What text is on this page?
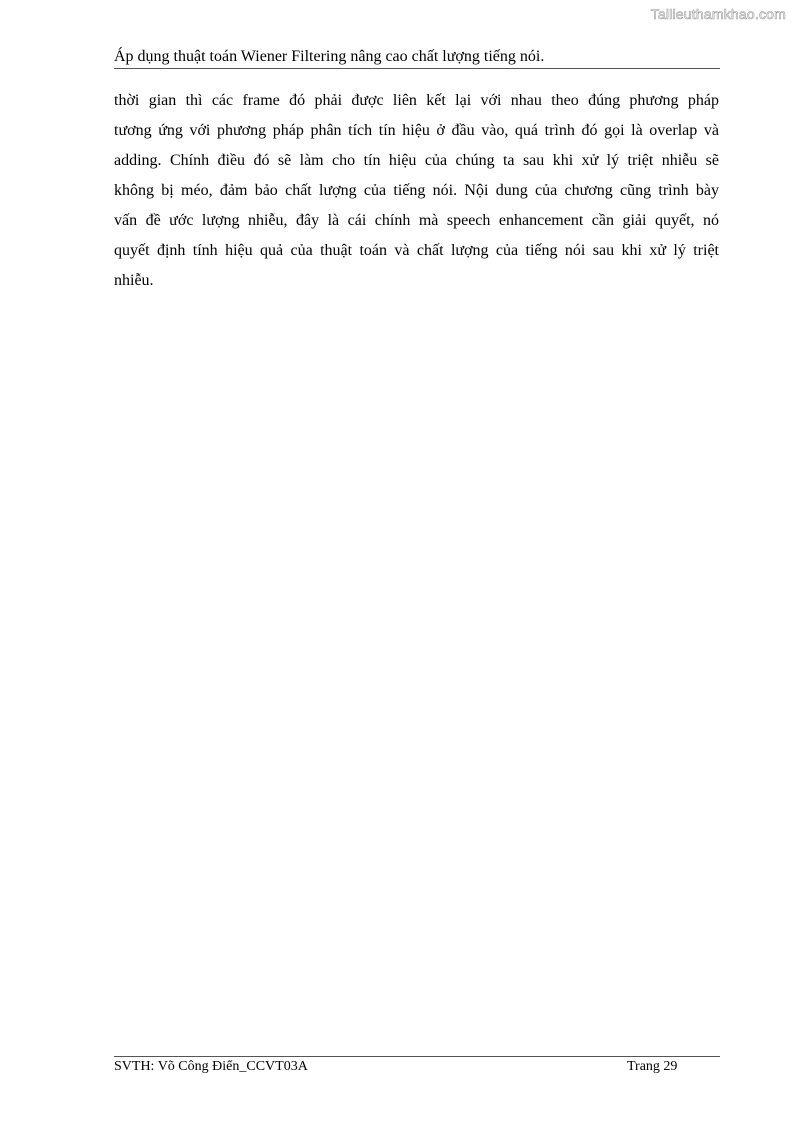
Tailieuthamkhao.com
Áp dụng thuật toán Wiener Filtering nâng cao chất lượng tiếng nói.
thời gian thì các frame đó phải được liên kết lại với nhau theo đúng phương pháp
tương ứng với phương pháp phân tích tín hiệu ở đầu vào, quá trình đó gọi là overlap và
adding. Chính điều đó sẽ làm cho tín hiệu của chúng ta sau khi xử lý triệt nhiễu sẽ
không bị méo, đảm bảo chất lượng của tiếng nói. Nội dung của chương cũng trình bày
vấn đề ước lượng nhiễu, đây là cái chính mà speech enhancement cần giải quyết, nó
quyết định tính hiệu quả của thuật toán và chất lượng của tiếng nói sau khi xử lý triệt
nhiễu.
SVTH: Võ Công Điển_CCVT03A	Trang 29
